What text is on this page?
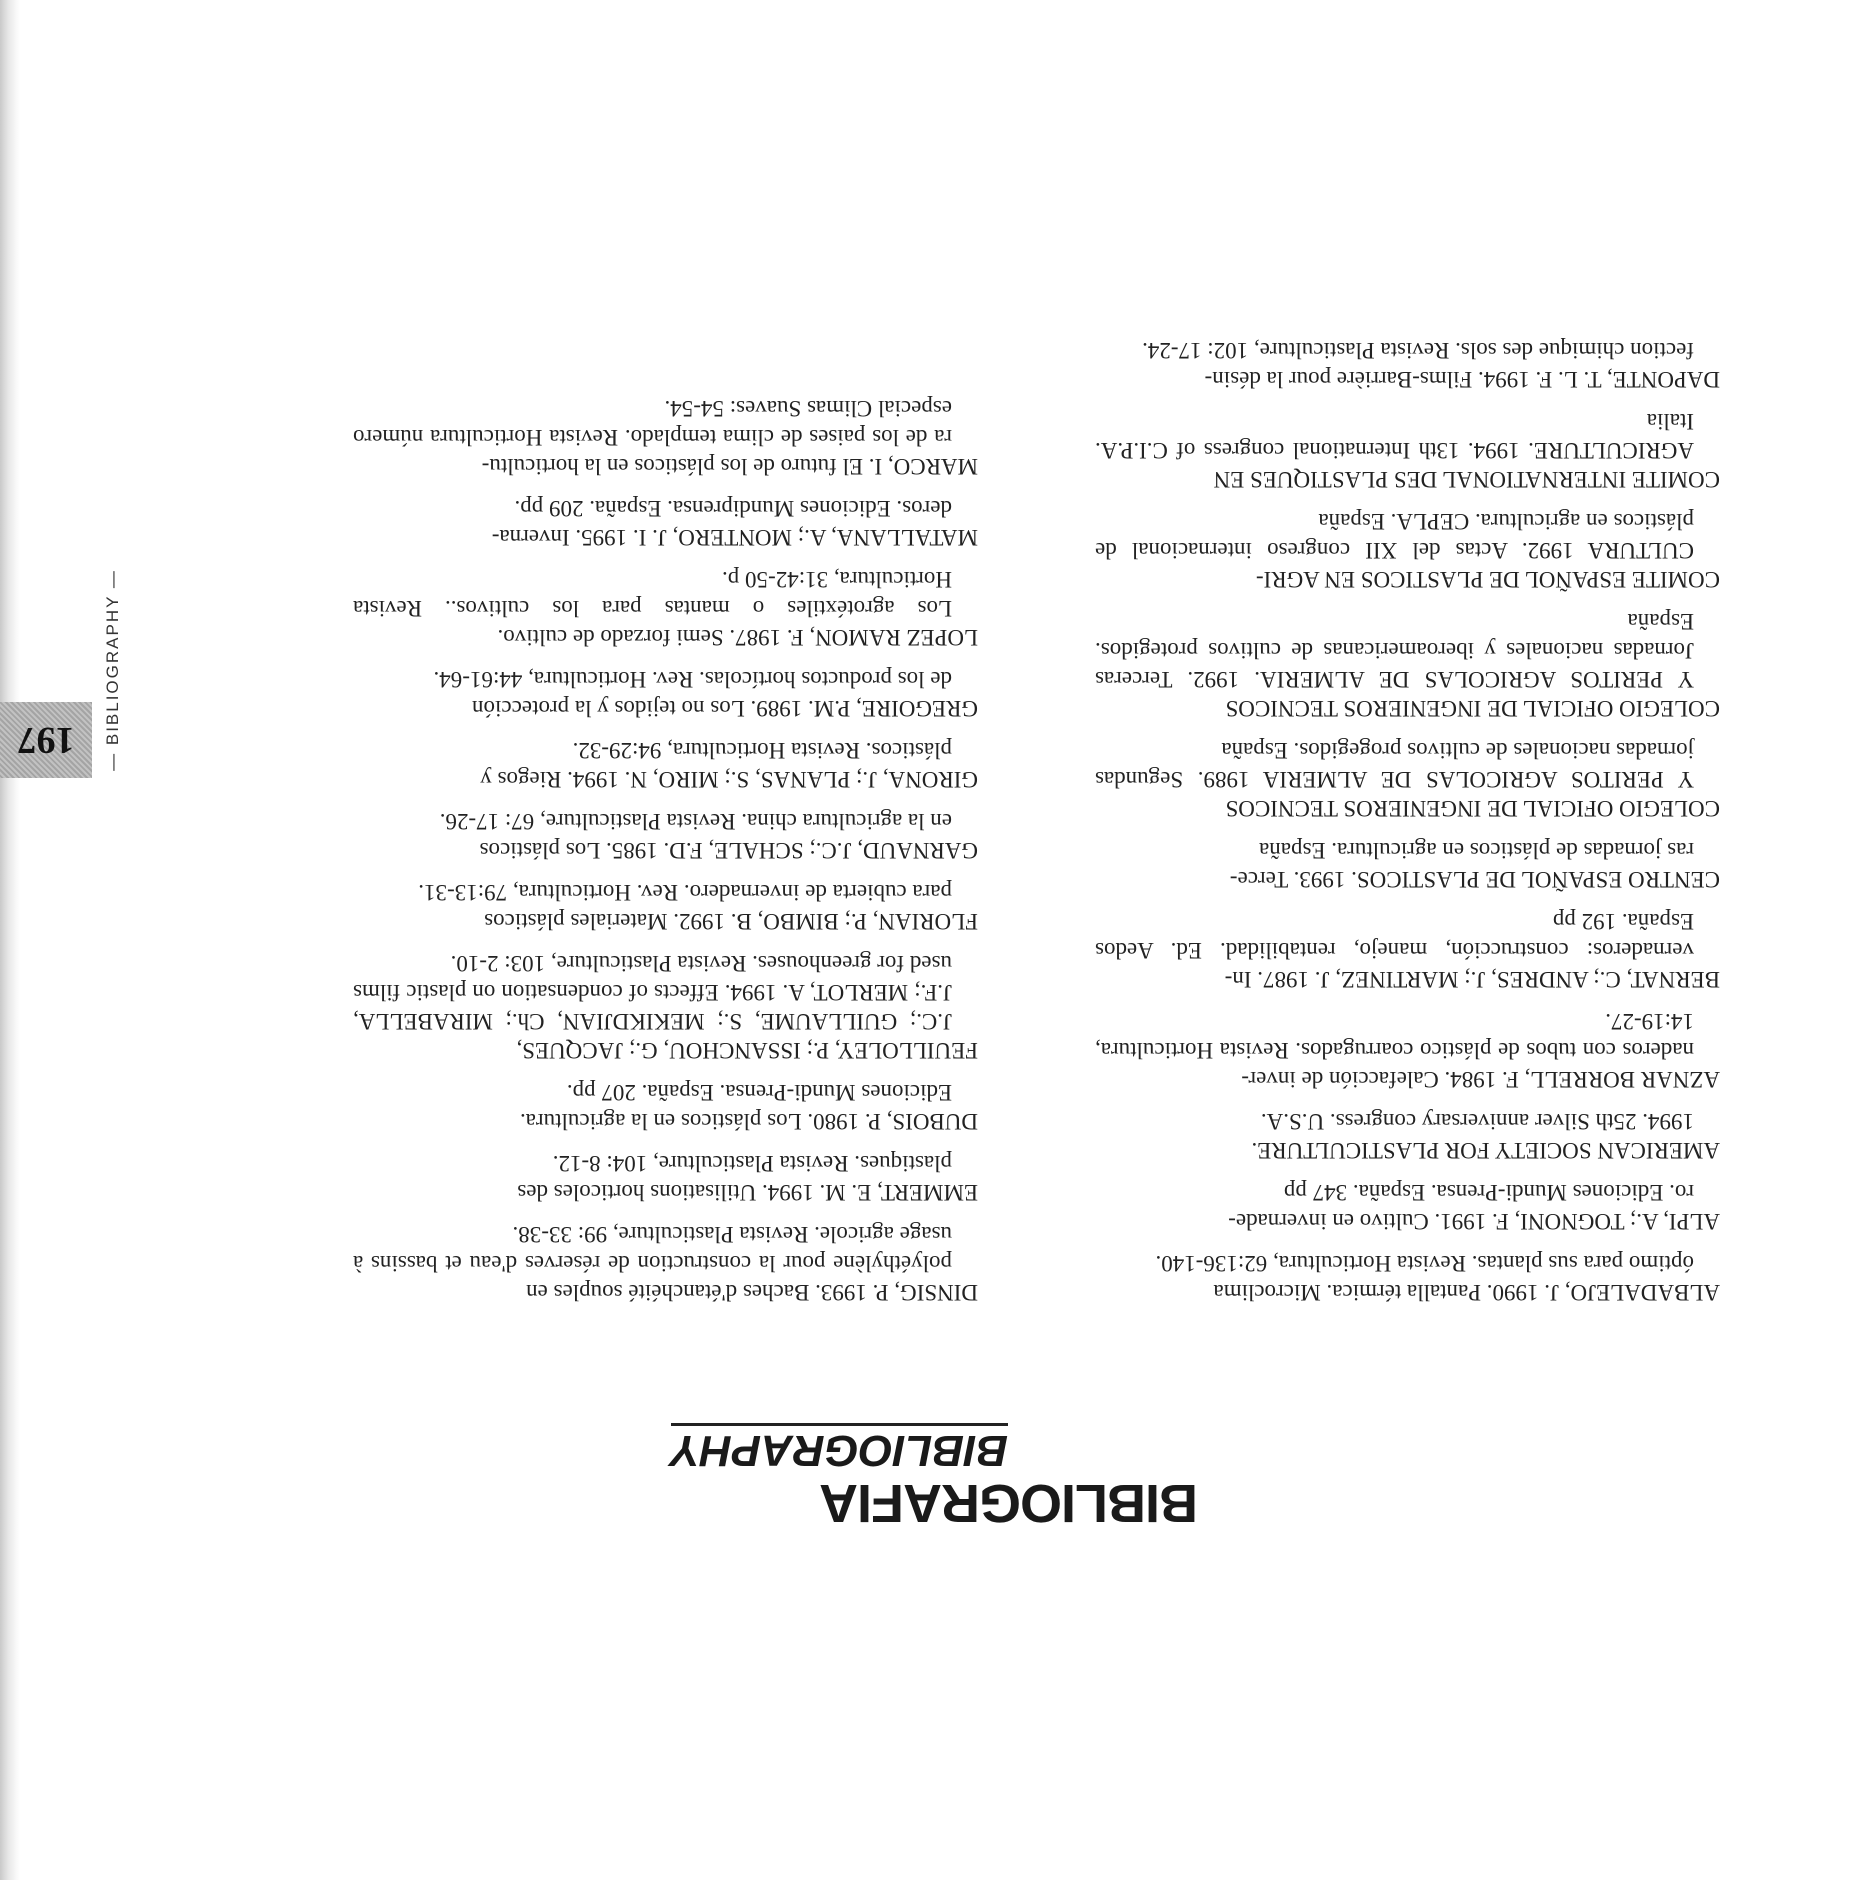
BIBLIOGRAFIA
BIBLIOGRAPHY
ALBADALEJO, J. 1990. Pantalla térmica. Microclima
óptimo para sus plantas. Revista Horticultura, 62:136-140.
ALPI, A.; TOGNONI, F. 1991. Cultivo en invernade-
ro. Ediciones Mundi-Prensa. España. 347 pp
AMERICAN SOCIETY FOR PLASTICULTURE.
1994. 25th Silver anniversary congress. U.S.A.
AZNAR BORRELL, F. 1984. Calefacción de inver-
naderos con tubos de plástico coarrugados. Revista Horticultura, 14:19-27.
BERNAT, C.; ANDRES, J.; MARTINEZ, J. 1987. In-
vernaderos: construcción, manejo, rentabilidad. Ed. Aedos España. 192 pp
CENTRO ESPAÑOL DE PLASTICOS. 1993. Terce-
ras jornadas de plásticos en agricultura. España
COLEGIO OFICIAL DE INGENIEROS TECNICOS
Y PERITOS AGRICOLAS DE ALMERIA 1989. Segundas jornadas nacionales de cultivos progegidos. España
COLEGIO OFICIAL DE INGENIEROS TECNICOS
Y PERITOS AGRICOLAS DE ALMERIA. 1992. Terceras Jornadas nacionales y iberoamericanas de cultivos protegidos. España
COMITE ESPAÑOL DE PLASTICOS EN AGRI-
CULTURA 1992. Actas del XII congreso internacional de plásticos en agricultura. CEPLA. España
COMITE INTERNATIONAL DES PLASTIQUES EN
AGRICULTURE. 1994. 13th International congress of C.I.P.A. Italia
DAPONTE, T. L. F. 1994. Films-Barrière pour la désin-
fection chimique des sols. Revista Plasticulture, 102: 17-24.
DINSIG, P. 1993. Baches d'étanchéité souples en
polyéthylène pour la construction de réserves d'eau et bassins à usage agricole. Revista Plasticulture, 99: 33-38.
EMMERT, E. M. 1994. Utilisations horticoles des
plastiques. Revista Plasticulture, 104: 8-12.
DUBOIS, P. 1980. Los plásticos en la agricultura.
Ediciones Mundi-Prensa. España. 207 pp.
FEUILLOLEY, P.; ISSANCHOU, G.; JACQUES,
J.C.; GUILLAUME, S.; MEKIKDJIAN, Ch.; MIRABELLA, J.F.; MERLOT, A. 1994. Effects of condensation on plastic films used for greenhouses. Revista Plasticulture, 103: 2-10.
FLORIAN, P.; BIMBO, B. 1992. Materiales plásticos
para cubierta de invernadero. Rev. Horticultura, 79:13-31.
GARNAUD, J.C.; SCHALE, F.D. 1985. Los plásticos
en la agricultura china. Revista Plasticulture, 67: 17-26.
GIRONA, J.; PLANAS, S.; MIRO, N. 1994. Riegos y
plásticos. Revista Horticultura, 94:29-32.
GREGOIRE, P.M. 1989. Los no tejidos y la protección
de los productos hortícolas. Rev. Horticultura, 44:61-64.
LOPEZ RAMON, F. 1987. Semi forzado de cultivo.
Los agrotéxtiles o mantas para los cultivos.. Revista Horticultura, 31:42-50 p.
MATALLANA, A.; MONTERO, J. I. 1995. Inverna-
deros. Ediciones Mundiprensa. España. 209 pp.
MARCO, I. El futuro de los plásticos en la horticultu-
ra de los paises de clima templado. Revista Horticultura número especial Climas Suaves: 54-54.
— BIBLIOGRAPHY —
197
